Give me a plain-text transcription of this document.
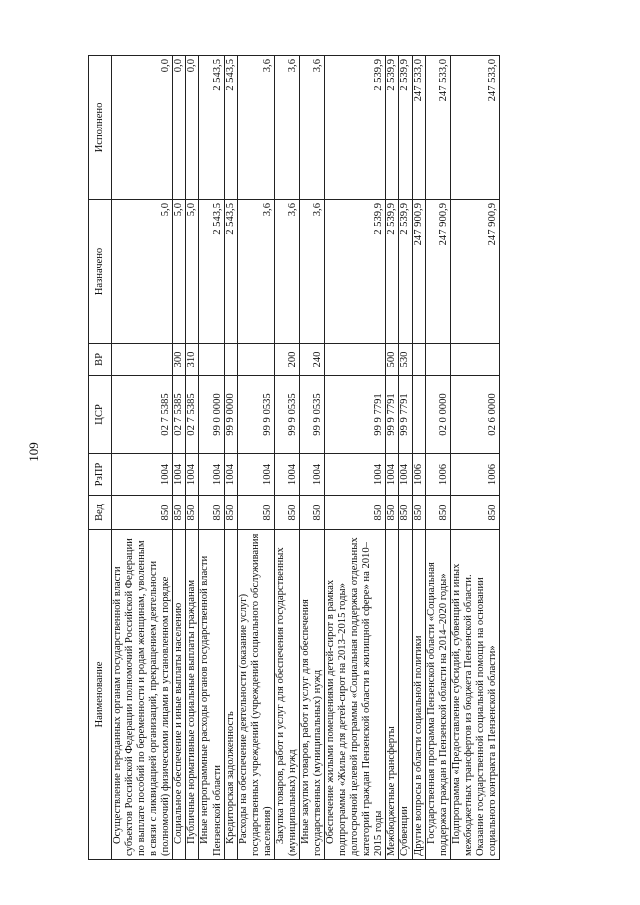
109
Наименование	Вед	РзПР	ЦСР	ВР	Назначено	Исполнено
Осуществление переданных органам государственной власти субъектов Российской Федерации полномочий Российской Федерации по выплате пособий по беременности и родам женщинам, уволенным в связи с ликвидацией организаций, прекращением деятельности (полномочий) физическими лицами в установленном порядке	850	1004	02 7 5385		5,0	0,0
Социальное обеспечение и иные выплаты населению	850	1004	02 7 5385	300	5,0	0,0
Публичные нормативные социальные выплаты гражданам	850	1004	02 7 5385	310	5,0	0,0
Иные непрограммные расходы органов государственной власти Пензенской области	850	1004	99 0 0000		2 543,5	2 543,5
Кредиторская задолженность	850	1004	99 9 0000		2 543,5	2 543,5
Расходы на обеспечение деятельности (оказание услуг) государственных учреждений (учреждений социального обслуживания населения)	850	1004	99 9 0535		3,6	3,6
Закупка товаров, работ и услуг для обеспечения государственных (муниципальных) нужд	850	1004	99 9 0535	200	3,6	3,6
Иные закупки товаров, работ и услуг для обеспечения государственных (муниципальных) нужд	850	1004	99 9 0535	240	3,6	3,6
Обеспечение жилыми помещениями детей-сирот в рамках подпрограммы «Жилье для детей-сирот на 2013–2015 годы» долгосрочной целевой программы «Социальная поддержка отдельных категорий граждан Пензенской области в жилищной сфере» на 2010–2015 годы	850	1004	99 9 7791		2 539,9	2 539,9
Межбюджетные трансферты	850	1004	99 9 7791	500	2 539,9	2 539,9
Субвенции	850	1004	99 9 7791	530	2 539,9	2 539,9
Другие вопросы в области социальной политики	850	1006			247 900,9	247 533,0
Государственная программа Пензенской области «Социальная поддержка граждан в Пензенской области на 2014–2020 годы»	850	1006	02 0 0000		247 900,9	247 533,0
Подпрограмма «Предоставление субсидий, субвенций и иных межбюджетных трансфертов из бюджета Пензенской области. Оказание государственной социальной помощи на основании социального контракта в Пензенской области»	850	1006	02 6 0000		247 900,9	247 533,0
